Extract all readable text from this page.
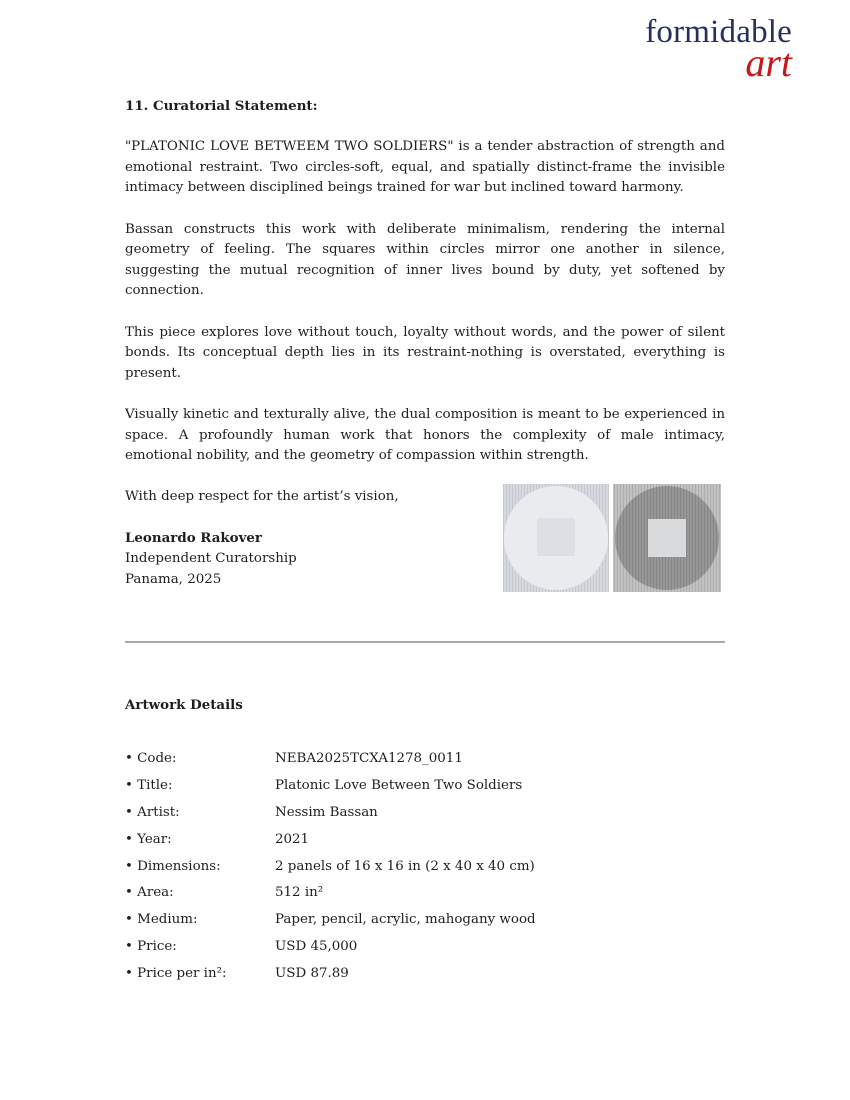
formidable
art
11. Curatorial Statement:

"PLATONIC LOVE BETWEEM TWO SOLDIERS" is a tender abstraction of strength and emotional restraint. Two circles-soft, equal, and spatially distinct-frame the invisible intimacy between disciplined beings trained for war but inclined toward harmony.

Bassan constructs this work with deliberate minimalism, rendering the internal geometry of feeling. The squares within circles mirror one another in silence, suggesting the mutual recognition of inner lives bound by duty, yet softened by connection.

This piece explores love without touch, loyalty without words, and the power of silent bonds. Its conceptual depth lies in its restraint-nothing is overstated, everything is present.

Visually kinetic and texturally alive, the dual composition is meant to be experienced in space. A profoundly human work that honors the complexity of male intimacy, emotional nobility, and the geometry of compassion within strength.

With deep respect for the artist’s vision,

Leonardo Rakover
Independent Curatorship
Panama, 2025
Artwork Details
• Code:	NEBA2025TCXA1278_0011
• Title:	Platonic Love Between Two Soldiers
• Artist:	Nessim Bassan
• Year:	2021
• Dimensions:	2 panels of 16 x 16 in (2 x 40 x 40 cm)
• Area:	512 in²
• Medium:	Paper, pencil, acrylic, mahogany wood
• Price:	USD 45,000
• Price per in²:	USD 87.89
